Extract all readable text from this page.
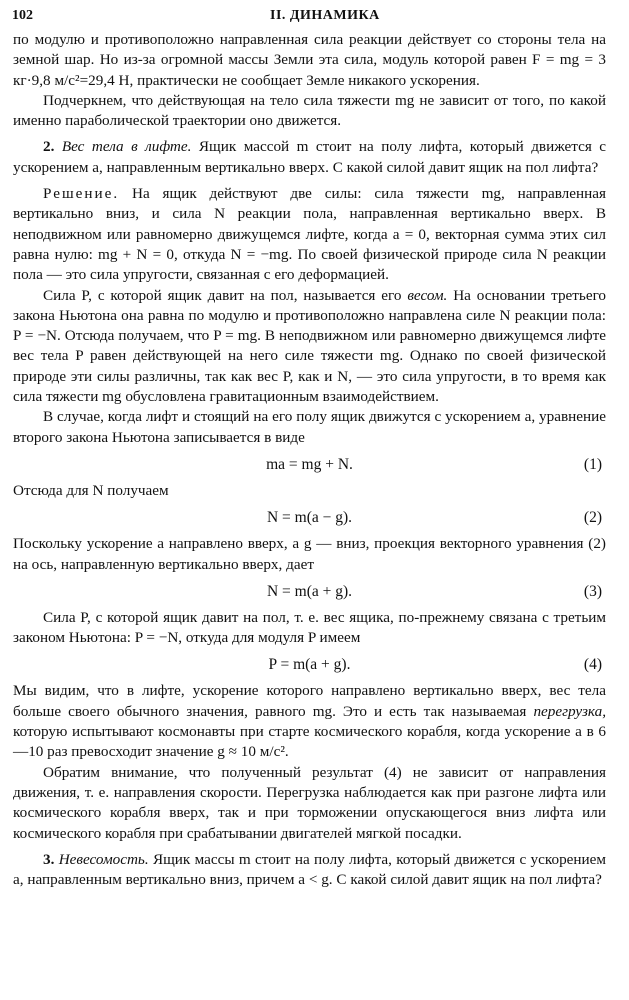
102	II. ДИНАМИКА

по модулю и противоположно направленная сила реакции действует со стороны тела на земной шар. Но из-за огромной массы Земли эта сила, модуль которой равен F = mg = 3 кг·9,8 м/с²=29,4 Н, практически не сообщает Земле никакого ускорения.

Подчеркнем, что действующая на тело сила тяжести mg не зависит от того, по какой именно параболической траектории оно движется.

2. Вес тела в лифте. Ящик массой m стоит на полу лифта, который движется с ускорением a, направленным вертикально вверх. С какой силой давит ящик на пол лифта?

Решение. На ящик действуют две силы: сила тяжести mg, направленная вертикально вниз, и сила N реакции пола, направленная вертикально вверх. В неподвижном или равномерно движущемся лифте, когда a = 0, векторная сумма этих сил равна нулю: mg + N = 0, откуда N = −mg. По своей физической природе сила N реакции пола — это сила упругости, связанная с его деформацией.

Сила P, с которой ящик давит на пол, называется его весом. На основании третьего закона Ньютона она равна по модулю и противоположно направлена силе N реакции пола: P = −N. Отсюда получаем, что P = mg. В неподвижном или равномерно движущемся лифте вес тела P равен действующей на него силе тяжести mg. Однако по своей физической природе эти силы различны, так как вес P, как и N, — это сила упругости, в то время как сила тяжести mg обусловлена гравитационным взаимодействием.

В случае, когда лифт и стоящий на его полу ящик движутся с ускорением a, уравнение второго закона Ньютона записывается в виде

ma = mg + N.	(1)

Отсюда для N получаем

N = m(a − g).	(2)

Поскольку ускорение a направлено вверх, а g — вниз, проекция векторного уравнения (2) на ось, направленную вертикально вверх, дает

N = m(a + g).	(3)

Сила P, с которой ящик давит на пол, т. е. вес ящика, по-прежнему связана с третьим законом Ньютона: P = −N, откуда для модуля P имеем

P = m(a + g).	(4)

Мы видим, что в лифте, ускорение которого направлено вертикально вверх, вес тела больше своего обычного значения, равного mg. Это и есть так называемая перегрузка, которую испытывают космонавты при старте космического корабля, когда ускорение a в 6—10 раз превосходит значение g ≈ 10 м/с².

Обратим внимание, что полученный результат (4) не зависит от направления движения, т. е. направления скорости. Перегрузка наблюдается как при разгоне лифта или космического корабля вверх, так и при торможении опускающегося вниз лифта или космического корабля при срабатывании двигателей мягкой посадки.

3. Невесомость. Ящик массы m стоит на полу лифта, который движется с ускорением a, направленным вертикально вниз, причем a < g. С какой силой давит ящик на пол лифта?
